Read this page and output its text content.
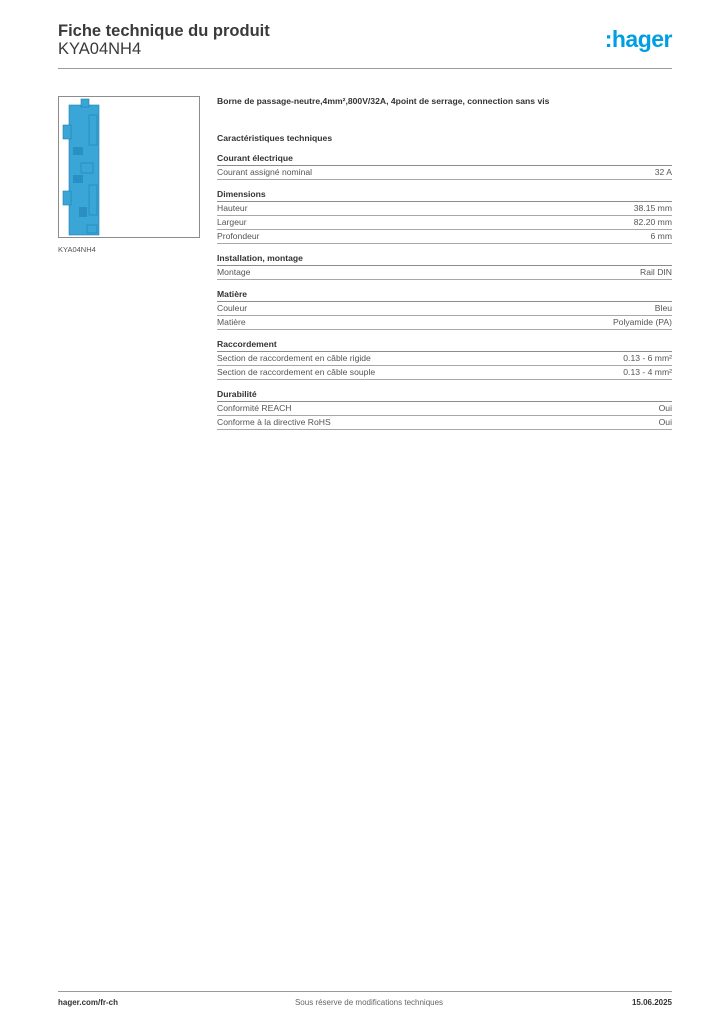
Fiche technique du produit
KYA04NH4	:hager
KYA04NH4
Borne de passage-neutre,4mm²,800V/32A, 4point de serrage, connection sans vis
Caractéristiques techniques
Courant électrique
Courant assigné nominal	32 A
Dimensions
Hauteur	38.15 mm
Largeur	82.20 mm
Profondeur	6 mm
Installation, montage
Montage	Rail DIN
Matière
Couleur	Bleu
Matière	Polyamide (PA)
Raccordement
Section de raccordement en câble rigide	0.13 - 6 mm²
Section de raccordement en câble souple	0.13 - 4 mm²
Durabilité
Conformité REACH	Oui
Conforme à la directive RoHS	Oui
hager.com/fr-ch	Sous réserve de modifications techniques	15.06.2025
